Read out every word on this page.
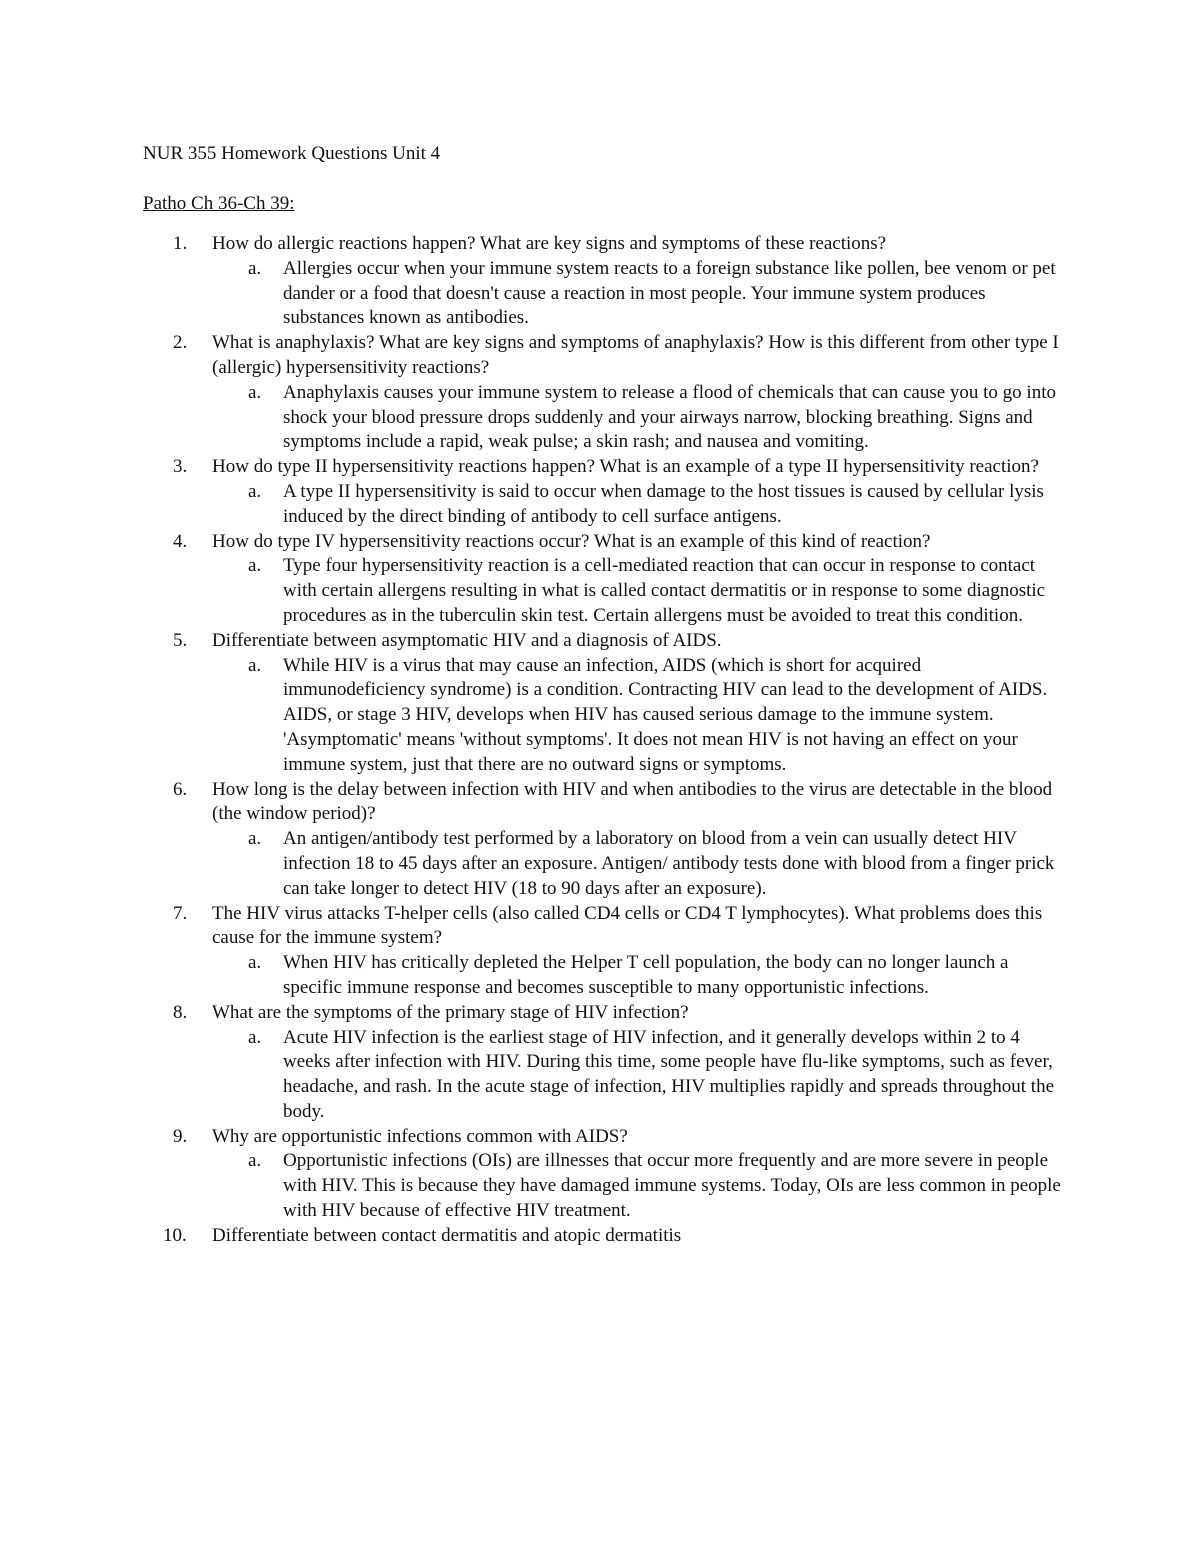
NUR 355 Homework Questions Unit 4
Patho Ch 36-Ch 39:
1.	How do allergic reactions happen? What are key signs and symptoms of these reactions?
a. Allergies occur when your immune system reacts to a foreign substance like pollen, bee venom or pet dander or a food that doesn't cause a reaction in most people. Your immune system produces substances known as antibodies.
2.	What is anaphylaxis? What are key signs and symptoms of anaphylaxis? How is this different from other type I (allergic) hypersensitivity reactions?
a. Anaphylaxis causes your immune system to release a flood of chemicals that can cause you to go into shock your blood pressure drops suddenly and your airways narrow, blocking breathing. Signs and symptoms include a rapid, weak pulse; a skin rash; and nausea and vomiting.
3.	How do type II hypersensitivity reactions happen? What is an example of a type II hypersensitivity reaction?
a. A type II hypersensitivity is said to occur when damage to the host tissues is caused by cellular lysis induced by the direct binding of antibody to cell surface antigens.
4.	How do type IV hypersensitivity reactions occur? What is an example of this kind of reaction?
a. Type four hypersensitivity reaction is a cell-mediated reaction that can occur in response to contact with certain allergens resulting in what is called contact dermatitis or in response to some diagnostic procedures as in the tuberculin skin test. Certain allergens must be avoided to treat this condition.
5.	Differentiate between asymptomatic HIV and a diagnosis of AIDS.
a. While HIV is a virus that may cause an infection, AIDS (which is short for acquired immunodeficiency syndrome) is a condition. Contracting HIV can lead to the development of AIDS. AIDS, or stage 3 HIV, develops when HIV has caused serious damage to the immune system. 'Asymptomatic' means 'without symptoms'. It does not mean HIV is not having an effect on your immune system, just that there are no outward signs or symptoms.
6.	How long is the delay between infection with HIV and when antibodies to the virus are detectable in the blood (the window period)?
a. An antigen/antibody test performed by a laboratory on blood from a vein can usually detect HIV infection 18 to 45 days after an exposure. Antigen/ antibody tests done with blood from a finger prick can take longer to detect HIV (18 to 90 days after an exposure).
7.	The HIV virus attacks T-helper cells (also called CD4 cells or CD4 T lymphocytes). What problems does this cause for the immune system?
a. When HIV has critically depleted the Helper T cell population, the body can no longer launch a specific immune response and becomes susceptible to many opportunistic infections.
8.	What are the symptoms of the primary stage of HIV infection?
a. Acute HIV infection is the earliest stage of HIV infection, and it generally develops within 2 to 4 weeks after infection with HIV. During this time, some people have flu-like symptoms, such as fever, headache, and rash. In the acute stage of infection, HIV multiplies rapidly and spreads throughout the body.
9.	Why are opportunistic infections common with AIDS?
a. Opportunistic infections (OIs) are illnesses that occur more frequently and are more severe in people with HIV. This is because they have damaged immune systems. Today, OIs are less common in people with HIV because of effective HIV treatment.
10.	Differentiate between contact dermatitis and atopic dermatitis
